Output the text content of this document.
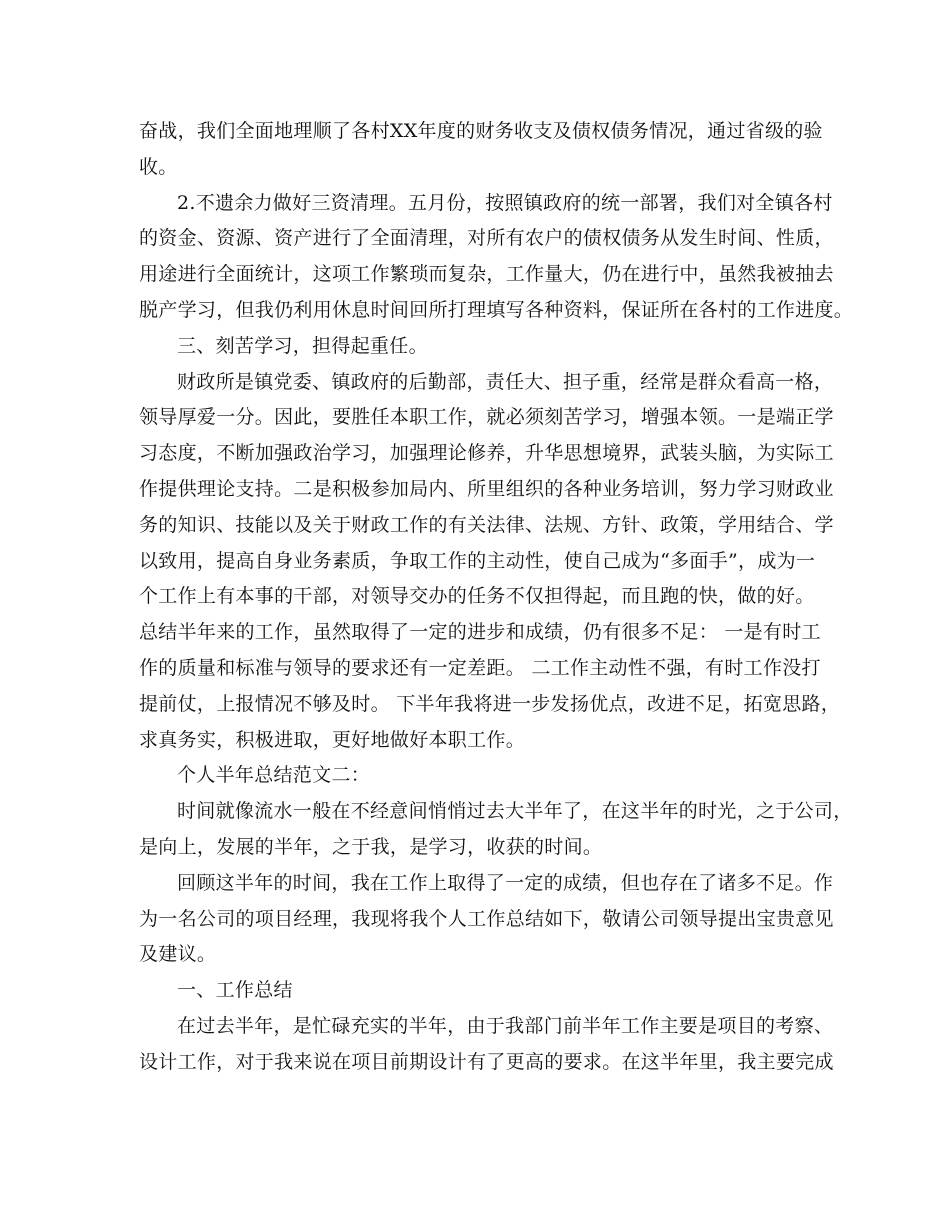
奋战，我们全面地理顺了各村XX年度的财务收支及债权债务情况，通过省级的验
收。
2.不遗余力做好三资清理。五月份，按照镇政府的统一部署，我们对全镇各村
的资金、资源、资产进行了全面清理，对所有农户的债权债务从发生时间、性质，
用途进行全面统计，这项工作繁琐而复杂，工作量大，仍在进行中，虽然我被抽去
脱产学习，但我仍利用休息时间回所打理填写各种资料，保证所在各村的工作进度。
三、刻苦学习，担得起重任。
财政所是镇党委、镇政府的后勤部，责任大、担子重，经常是群众看高一格，
领导厚爱一分。因此，要胜任本职工作，就必须刻苦学习，增强本领。一是端正学
习态度，不断加强政治学习，加强理论修养，升华思想境界，武装头脑，为实际工
作提供理论支持。二是积极参加局内、所里组织的各种业务培训，努力学习财政业
务的知识、技能以及关于财政工作的有关法律、法规、方针、政策，学用结合、学
以致用，提高自身业务素质，争取工作的主动性，使自己成为“多面手”，成为一
个工作上有本事的干部，对领导交办的任务不仅担得起，而且跑的快，做的好。
总结半年来的工作，虽然取得了一定的进步和成绩，仍有很多不足： 一是有时工
作的质量和标准与领导的要求还有一定差距。 二工作主动性不强，有时工作没打
提前仗，上报情况不够及时。 下半年我将进一步发扬优点，改进不足，拓宽思路，
求真务实，积极进取，更好地做好本职工作。
个人半年总结范文二：
时间就像流水一般在不经意间悄悄过去大半年了，在这半年的时光，之于公司，
是向上，发展的半年，之于我，是学习，收获的时间。
回顾这半年的时间，我在工作上取得了一定的成绩，但也存在了诸多不足。作
为一名公司的项目经理，我现将我个人工作总结如下，敬请公司领导提出宝贵意见
及建议。
一、工作总结
在过去半年，是忙碌充实的半年，由于我部门前半年工作主要是项目的考察、
设计工作，对于我来说在项目前期设计有了更高的要求。在这半年里，我主要完成
